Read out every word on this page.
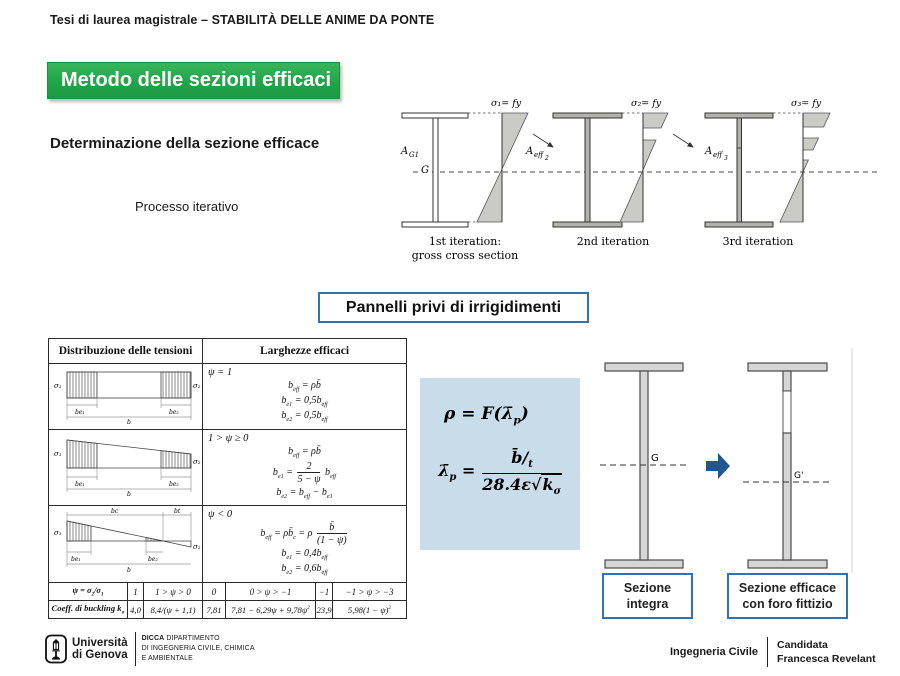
Tesi di laurea magistrale – STABILITÀ DELLE ANIME DA PONTE
Metodo delle sezioni efficaci
Determinazione della sezione efficace
Processo iterativo
G
A G1
σ₁= fy
1st iteration:
gross cross section
A eff 2
σ₂= fy
2nd iteration
A eff 3
σ₃= fy
3rd iteration
Pannelli privi di irrigidimenti
Distribuzione delle tensioni			Larghezze efficaci			

σ₁	σ₂
be₁	be₂
b

ψ = 1
$b_{eff}$ = ρb̄
$b_{e1} = 0,5b_{eff}$
$b_{e2} = 0,5b_{eff}$

σ₁
σ₂
be₁	be₂
b

1 > ψ ≥ 0
$b_{eff}$ = ρb̄
$b_{e1} = \frac{2}{5 - \psi} b_{eff}$
$b_{e2} = b_{eff} - b_{e1}$

bc	bt
σ₁
σ₂
be₁	be₂
b

ψ < 0
$b_{eff}$ = $\rho b̄_c = \rho \frac{b̄}{(1 - \psi)}$
$b_{e1} = 0,4b_{eff}$
$b_{e2} = 0,6b_{eff}$

$\psi = \sigma_2/\sigma_1$	1	1 > ψ > 0	0	0 > ψ > −1	−1	−1 > ψ > −3
Coeff. di buckling $k_\sigma$	4,0	8,4/(ψ + 1,1)	7,81	$7,81 - 6,29\psi + 9,78\psi^2$	23,9	$5,98(1 - \psi)^2$
$\rho = F(\lambdā_p)$
$\lambdā_p = \frac{b̄/_t}{28.4\varepsilon√k_\sigma}$	G
G'
Sezione integra
Sezione efficace con foro fittizio
Università
di Genova
DICCA DIPARTIMENTO
DI INGEGNERIA CIVILE, CHIMICA
E AMBIENTALE
Ingegneria Civile
Candidata
Francesca Revelant
